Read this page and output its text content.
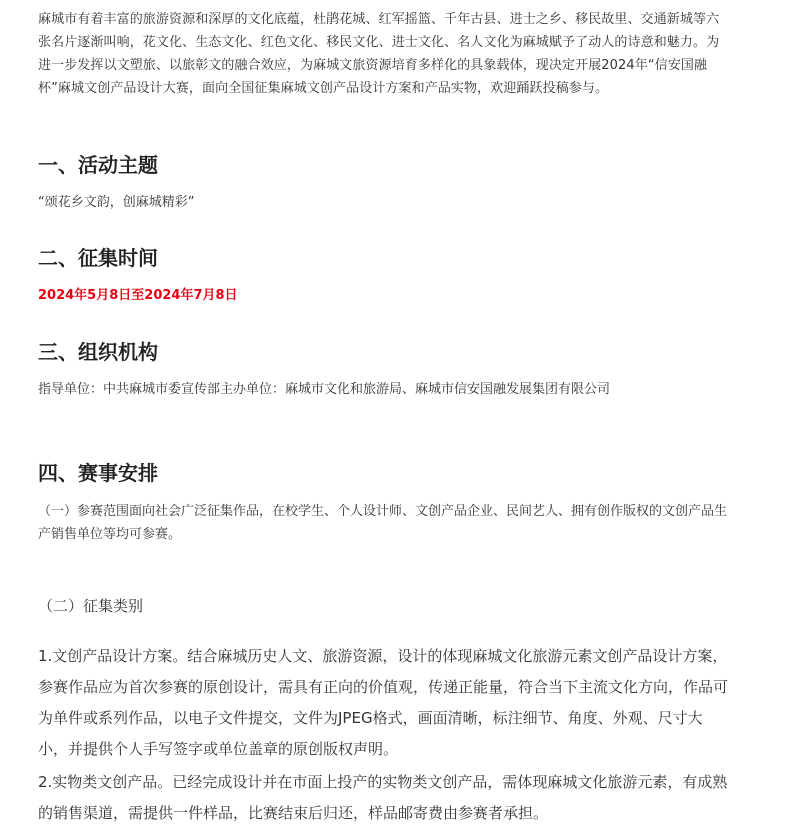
麻城市有着丰富的旅游资源和深厚的文化底蕴，杜鹃花城、红军摇篮、千年古县、进士之乡、移民故里、交通新城等六张名片逐渐叫响，花文化、生态文化、红色文化、移民文化、进士文化、名人文化为麻城赋予了动人的诗意和魅力。为进一步发挥以文塑旅、以旅彰文的融合效应，为麻城文旅资源培育多样化的具象载体，现决定开展2024年“信安国融杯”麻城文创产品设计大赛，面向全国征集麻城文创产品设计方案和产品实物，欢迎踊跃投稿参与。

一、活动主题

“颂花乡文韵，创麻城精彩”

二、征集时间

2024年5月8日至2024年7月8日

三、组织机构

指导单位：中共麻城市委宣传部主办单位：麻城市文化和旅游局、麻城市信安国融发展集团有限公司

四、赛事安排

（一）参赛范围面向社会广泛征集作品，在校学生、个人设计师、文创产品企业、民间艺人、拥有创作版权的文创产品生产销售单位等均可参赛。

（二）征集类别

1.文创产品设计方案。结合麻城历史人文、旅游资源，设计的体现麻城文化旅游元素文创产品设计方案，参赛作品应为首次参赛的原创设计，需具有正向的价值观，传递正能量，符合当下主流文化方向，作品可为单件或系列作品，以电子文件提交，文件为JPEG格式，画面清晰，标注细节、角度、外观、尺寸大小，并提供个人手写签字或单位盖章的原创版权声明。

2.实物类文创产品。已经完成设计并在市面上投产的实物类文创产品，需体现麻城文化旅游元素，有成熟的销售渠道，需提供一件样品，比赛结束后归还，样品邮寄费由参赛者承担。
